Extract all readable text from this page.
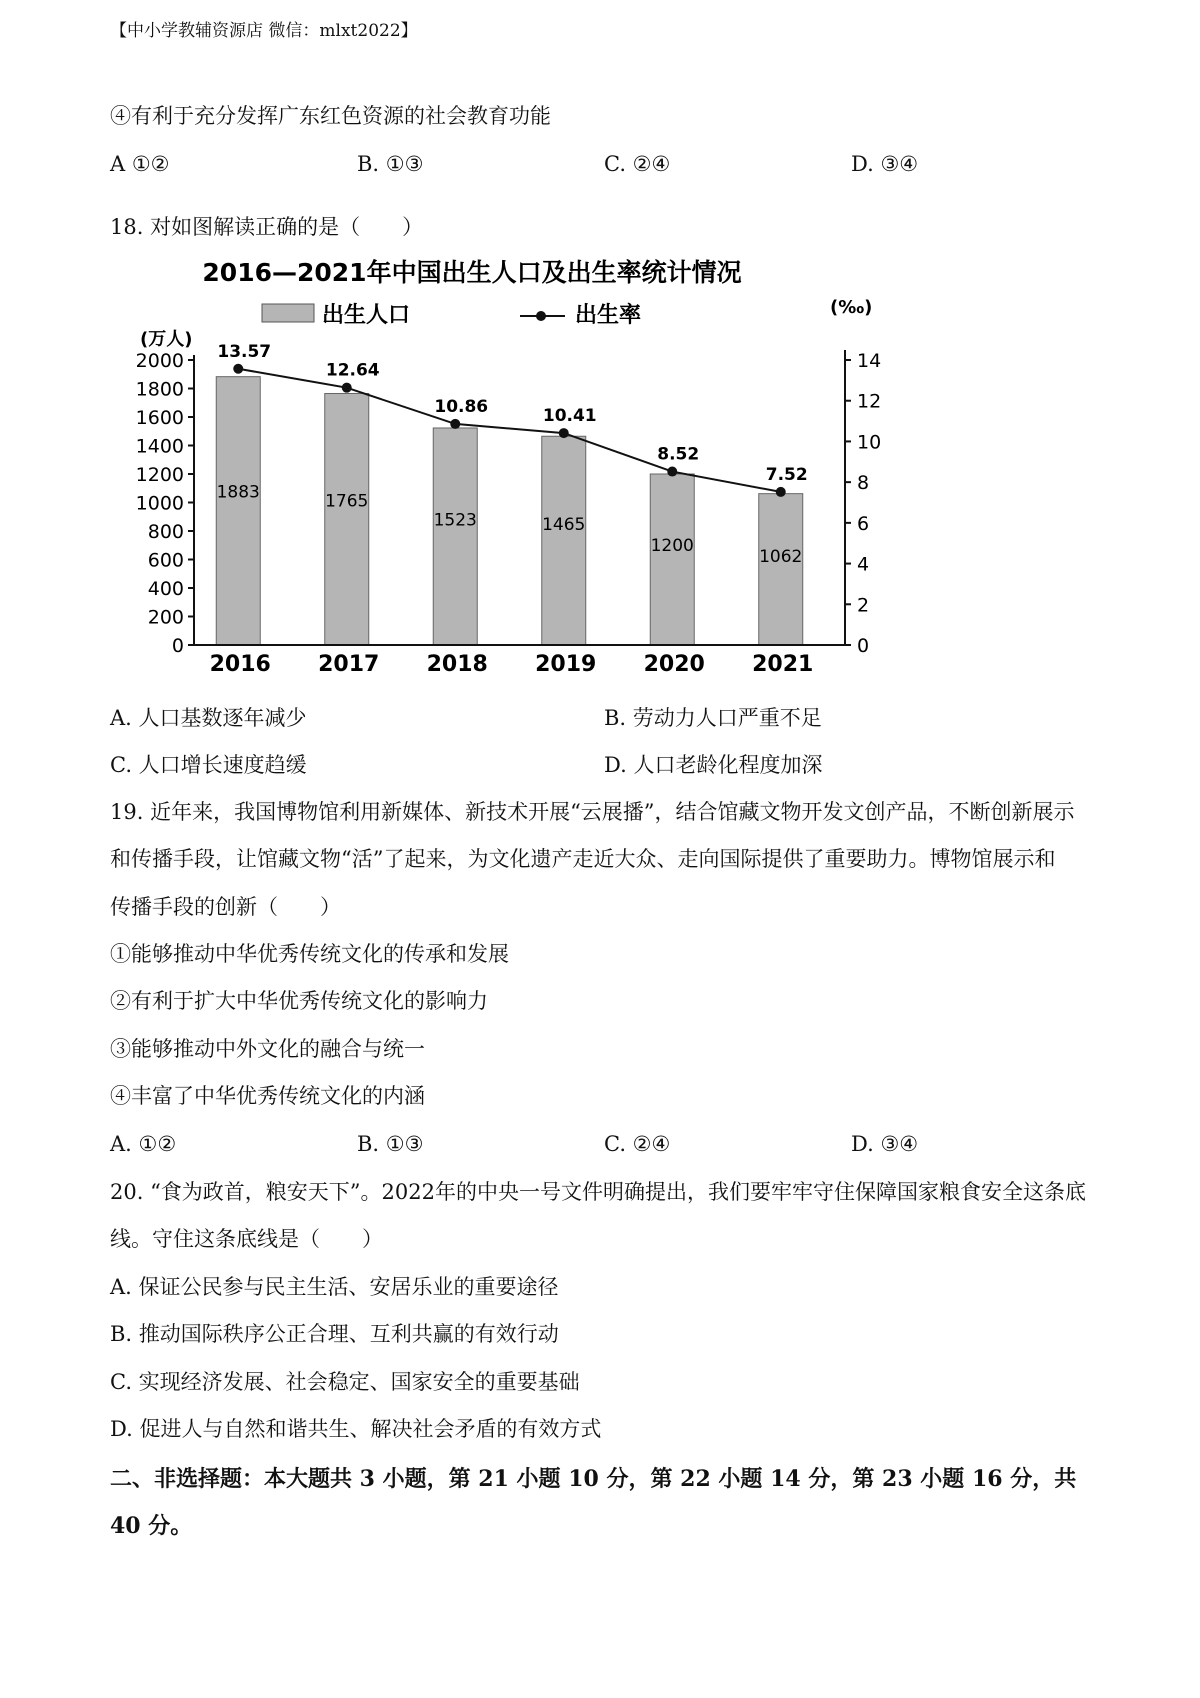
【中小学教辅资源店 微信：mlxt2022】
④有利于充分发挥广东红色资源的社会教育功能
A ①②	B. ①③	C. ②④	D. ③④
18. 对如图解读正确的是（　　）
2016—2021年中国出生人口及出生率统计情况
出生人口	出生率
(万人)
(‰)
0
200
400
600
800
1000
1200
1400
1600
1800
2000
0
2
4
6
8
10
12
14
1883	1765
1523	1465
1200
1062
13.57
12.64
10.86	10.41
8.52
7.52
2016 2017 2018 2019 2020 2021
A. 人口基数逐年减少	B. 劳动力人口严重不足
C. 人口增长速度趋缓	D. 人口老龄化程度加深
19. 近年来，我国博物馆利用新媒体、新技术开展“云展播”，结合馆藏文物开发文创产品，不断创新展示
和传播手段，让馆藏文物“活”了起来，为文化遗产走近大众、走向国际提供了重要助力。博物馆展示和
传播手段的创新（　　）
①能够推动中华优秀传统文化的传承和发展
②有利于扩大中华优秀传统文化的影响力
③能够推动中外文化的融合与统一
④丰富了中华优秀传统文化的内涵
A. ①②	B. ①③	C. ②④	D. ③④
20. “食为政首，粮安天下”。2022年的中央一号文件明确提出，我们要牢牢守住保障国家粮食安全这条底
线。守住这条底线是（　　）
A. 保证公民参与民主生活、安居乐业的重要途径
B. 推动国际秩序公正合理、互利共赢的有效行动
C. 实现经济发展、社会稳定、国家安全的重要基础
D. 促进人与自然和谐共生、解决社会矛盾的有效方式
二、非选择题：本大题共 3 小题，第 21 小题 10 分，第 22 小题 14 分，第 23 小题 16 分，共
40 分。
